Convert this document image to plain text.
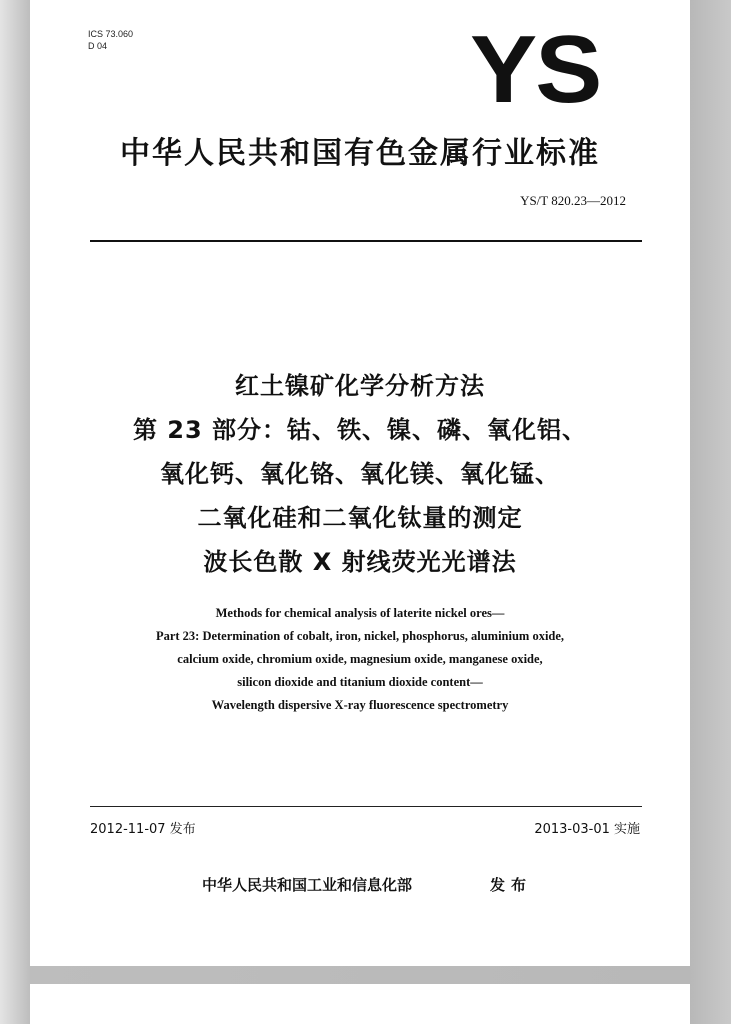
ICS 73.060
D 04	YS
中华人民共和国有色金属行业标准
YS/T 820.23—2012
红土镍矿化学分析方法
第 23 部分：钴、铁、镍、磷、氧化铝、
氧化钙、氧化铬、氧化镁、氧化锰、
二氧化硅和二氧化钛量的测定
波长色散 X 射线荧光光谱法
Methods for chemical analysis of laterite nickel ores—
Part 23: Determination of cobalt, iron, nickel, phosphorus, aluminium oxide,
calcium oxide, chromium oxide, magnesium oxide, manganese oxide,
silicon dioxide and titanium dioxide content—
Wavelength dispersive X-ray fluorescence spectrometry
2012-11-07 发布	2013-03-01 实施
中华人民共和国工业和信息化部	发布
